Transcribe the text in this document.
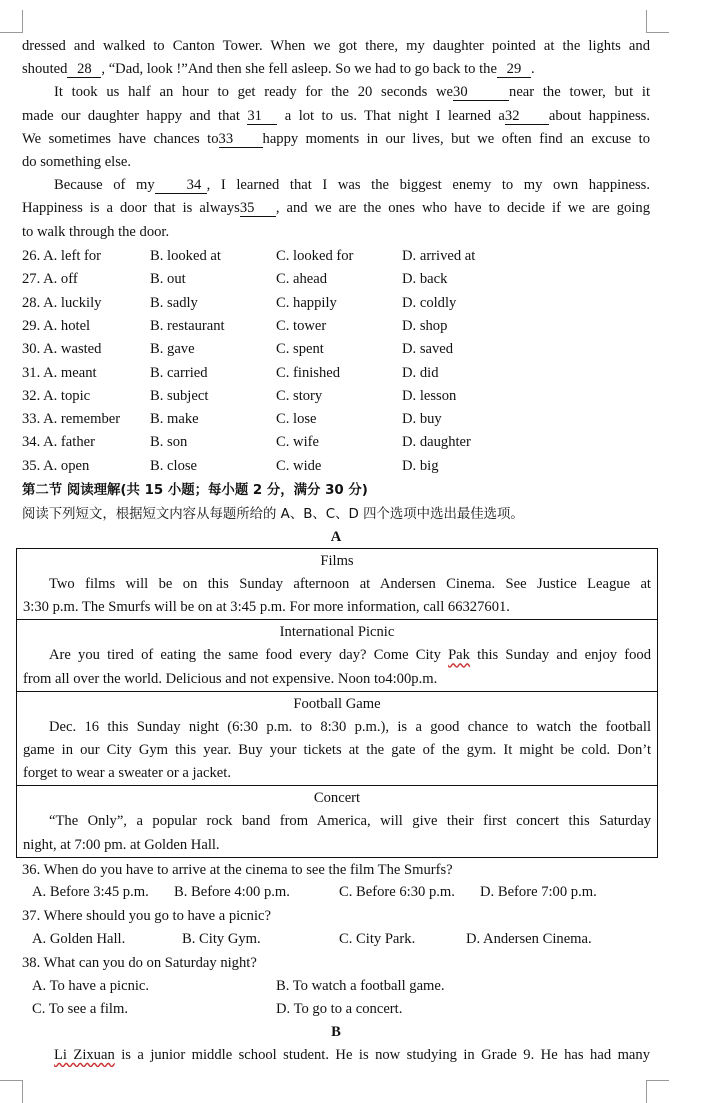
dressed and walked to Canton Tower. When we got there, my daughter pointed at the lights and
shouted 28 , “Dad, look !”And then she fell asleep. So we had to go back to the 29 .
It took us half an hour to get ready for the 20 seconds we30	near the tower, but it
made our daughter happy and that 31 a lot to us. That night I learned a32 about happiness.
We sometimes have chances to33 happy moments in our lives, but we often find an excuse to
do something else.
Because of my 34 , I learned that I was the biggest enemy to my own happiness.
Happiness is a door that is always35 , and we are the ones who have to decide if we are going
to walk through the door.
26. A. left for	B. looked at	C. looked for	D. arrived at
27. A. off	B. out	C. ahead	D. back
28. A. luckily	B. sadly	C. happily	D. coldly
29. A. hotel	B. restaurant	C. tower	D. shop
30. A. wasted	B. gave	C. spent	D. saved
31. A. meant	B. carried	C. finished	D. did
32. A. topic	B. subject	C. story	D. lesson
33. A. remember B. make	C. lose	D. buy
34. A. father	B. son	C. wife	D. daughter
35. A. open	B. close	C. wide	D. big
第二节 阅读理解(共 15 小题；每小题 2 分，满分 30 分)
阅读下列短文，根据短文内容从每题所给的 A、B、C、D 四个选项中选出最佳选项。
A
Films
Two films will be on this Sunday afternoon at Andersen Cinema. See Justice League at
3:30 p.m. The Smurfs will be on at 3:45 p.m. For more information, call 66327601.
International Picnic
Are you tired of eating the same food every day? Come City Pak this Sunday and enjoy food
from all over the world. Delicious and not expensive. Noon to4:00p.m.
Football Game
Dec. 16 this Sunday night (6:30 p.m. to 8:30 p.m.), is a good chance to watch the football
game in our City Gym this year. Buy your tickets at the gate of the gym. It might be cold. Don’t
forget to wear a sweater or a jacket.
Concert
“The Only”, a popular rock band from America, will give their first concert this Saturday
night, at 7:00 pm. at Golden Hall.
36. When do you have to arrive at the cinema to see the film The Smurfs?
A. Before 3:45 p.m. B. Before 4:00 p.m.	C. Before 6:30 p.m. D. Before 7:00 p.m.
37. Where should you go to have a picnic?
A. Golden Hall.	B. City Gym.	C. City Park.	D. Andersen Cinema.
38. What can you do on Saturday night?
A. To have a picnic.	B. To watch a football game.
C. To see a film.	D. To go to a concert.
B
Li Zixuan is a junior middle school student. He is now studying in Grade 9. He has had many
